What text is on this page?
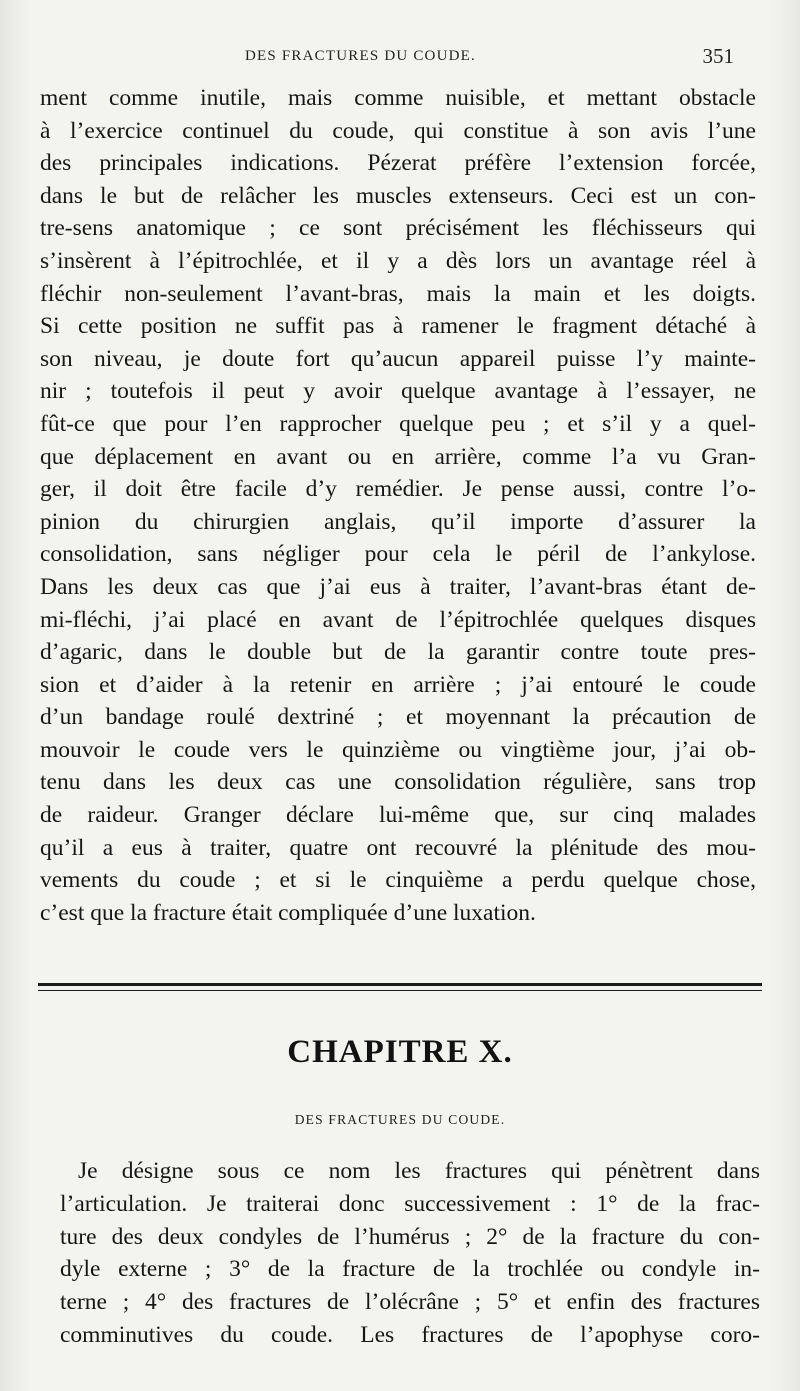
DES FRACTURES DU COUDE.	351
ment comme inutile, mais comme nuisible, et mettant obstacle
à l’exercice continuel du coude, qui constitue à son avis l’une
des principales indications. Pézerat préfère l’extension forcée,
dans le but de relâcher les muscles extenseurs. Ceci est un con-
tre-sens anatomique ; ce sont précisément les fléchisseurs qui
s’insèrent à l’épitrochlée, et il y a dès lors un avantage réel à
fléchir non-seulement l’avant-bras, mais la main et les doigts.
Si cette position ne suffit pas à ramener le fragment détaché à
son niveau, je doute fort qu’aucun appareil puisse l’y mainte-
nir ; toutefois il peut y avoir quelque avantage à l’essayer, ne
fût-ce que pour l’en rapprocher quelque peu ; et s’il y a quel-
que déplacement en avant ou en arrière, comme l’a vu Gran-
ger, il doit être facile d’y remédier. Je pense aussi, contre l’o-
pinion du chirurgien anglais, qu’il importe d’assurer la
consolidation, sans négliger pour cela le péril de l’ankylose.
Dans les deux cas que j’ai eus à traiter, l’avant-bras étant de-
mi-fléchi, j’ai placé en avant de l’épitrochlée quelques disques
d’agaric, dans le double but de la garantir contre toute pres-
sion et d’aider à la retenir en arrière ; j’ai entouré le coude
d’un bandage roulé dextriné ; et moyennant la précaution de
mouvoir le coude vers le quinzième ou vingtième jour, j’ai ob-
tenu dans les deux cas une consolidation régulière, sans trop
de raideur. Granger déclare lui-même que, sur cinq malades
qu’il a eus à traiter, quatre ont recouvré la plénitude des mou-
vements du coude ; et si le cinquième a perdu quelque chose,
c’est que la fracture était compliquée d’une luxation.
CHAPITRE X.
DES FRACTURES DU COUDE.
Je désigne sous ce nom les fractures qui pénètrent dans
l’articulation. Je traiterai donc successivement : 1° de la frac-
ture des deux condyles de l’humérus ; 2° de la fracture du con-
dyle externe ; 3° de la fracture de la trochlée ou condyle in-
terne ; 4° des fractures de l’olécrâne ; 5° et enfin des fractures
comminutives du coude. Les fractures de l’apophyse coro-
